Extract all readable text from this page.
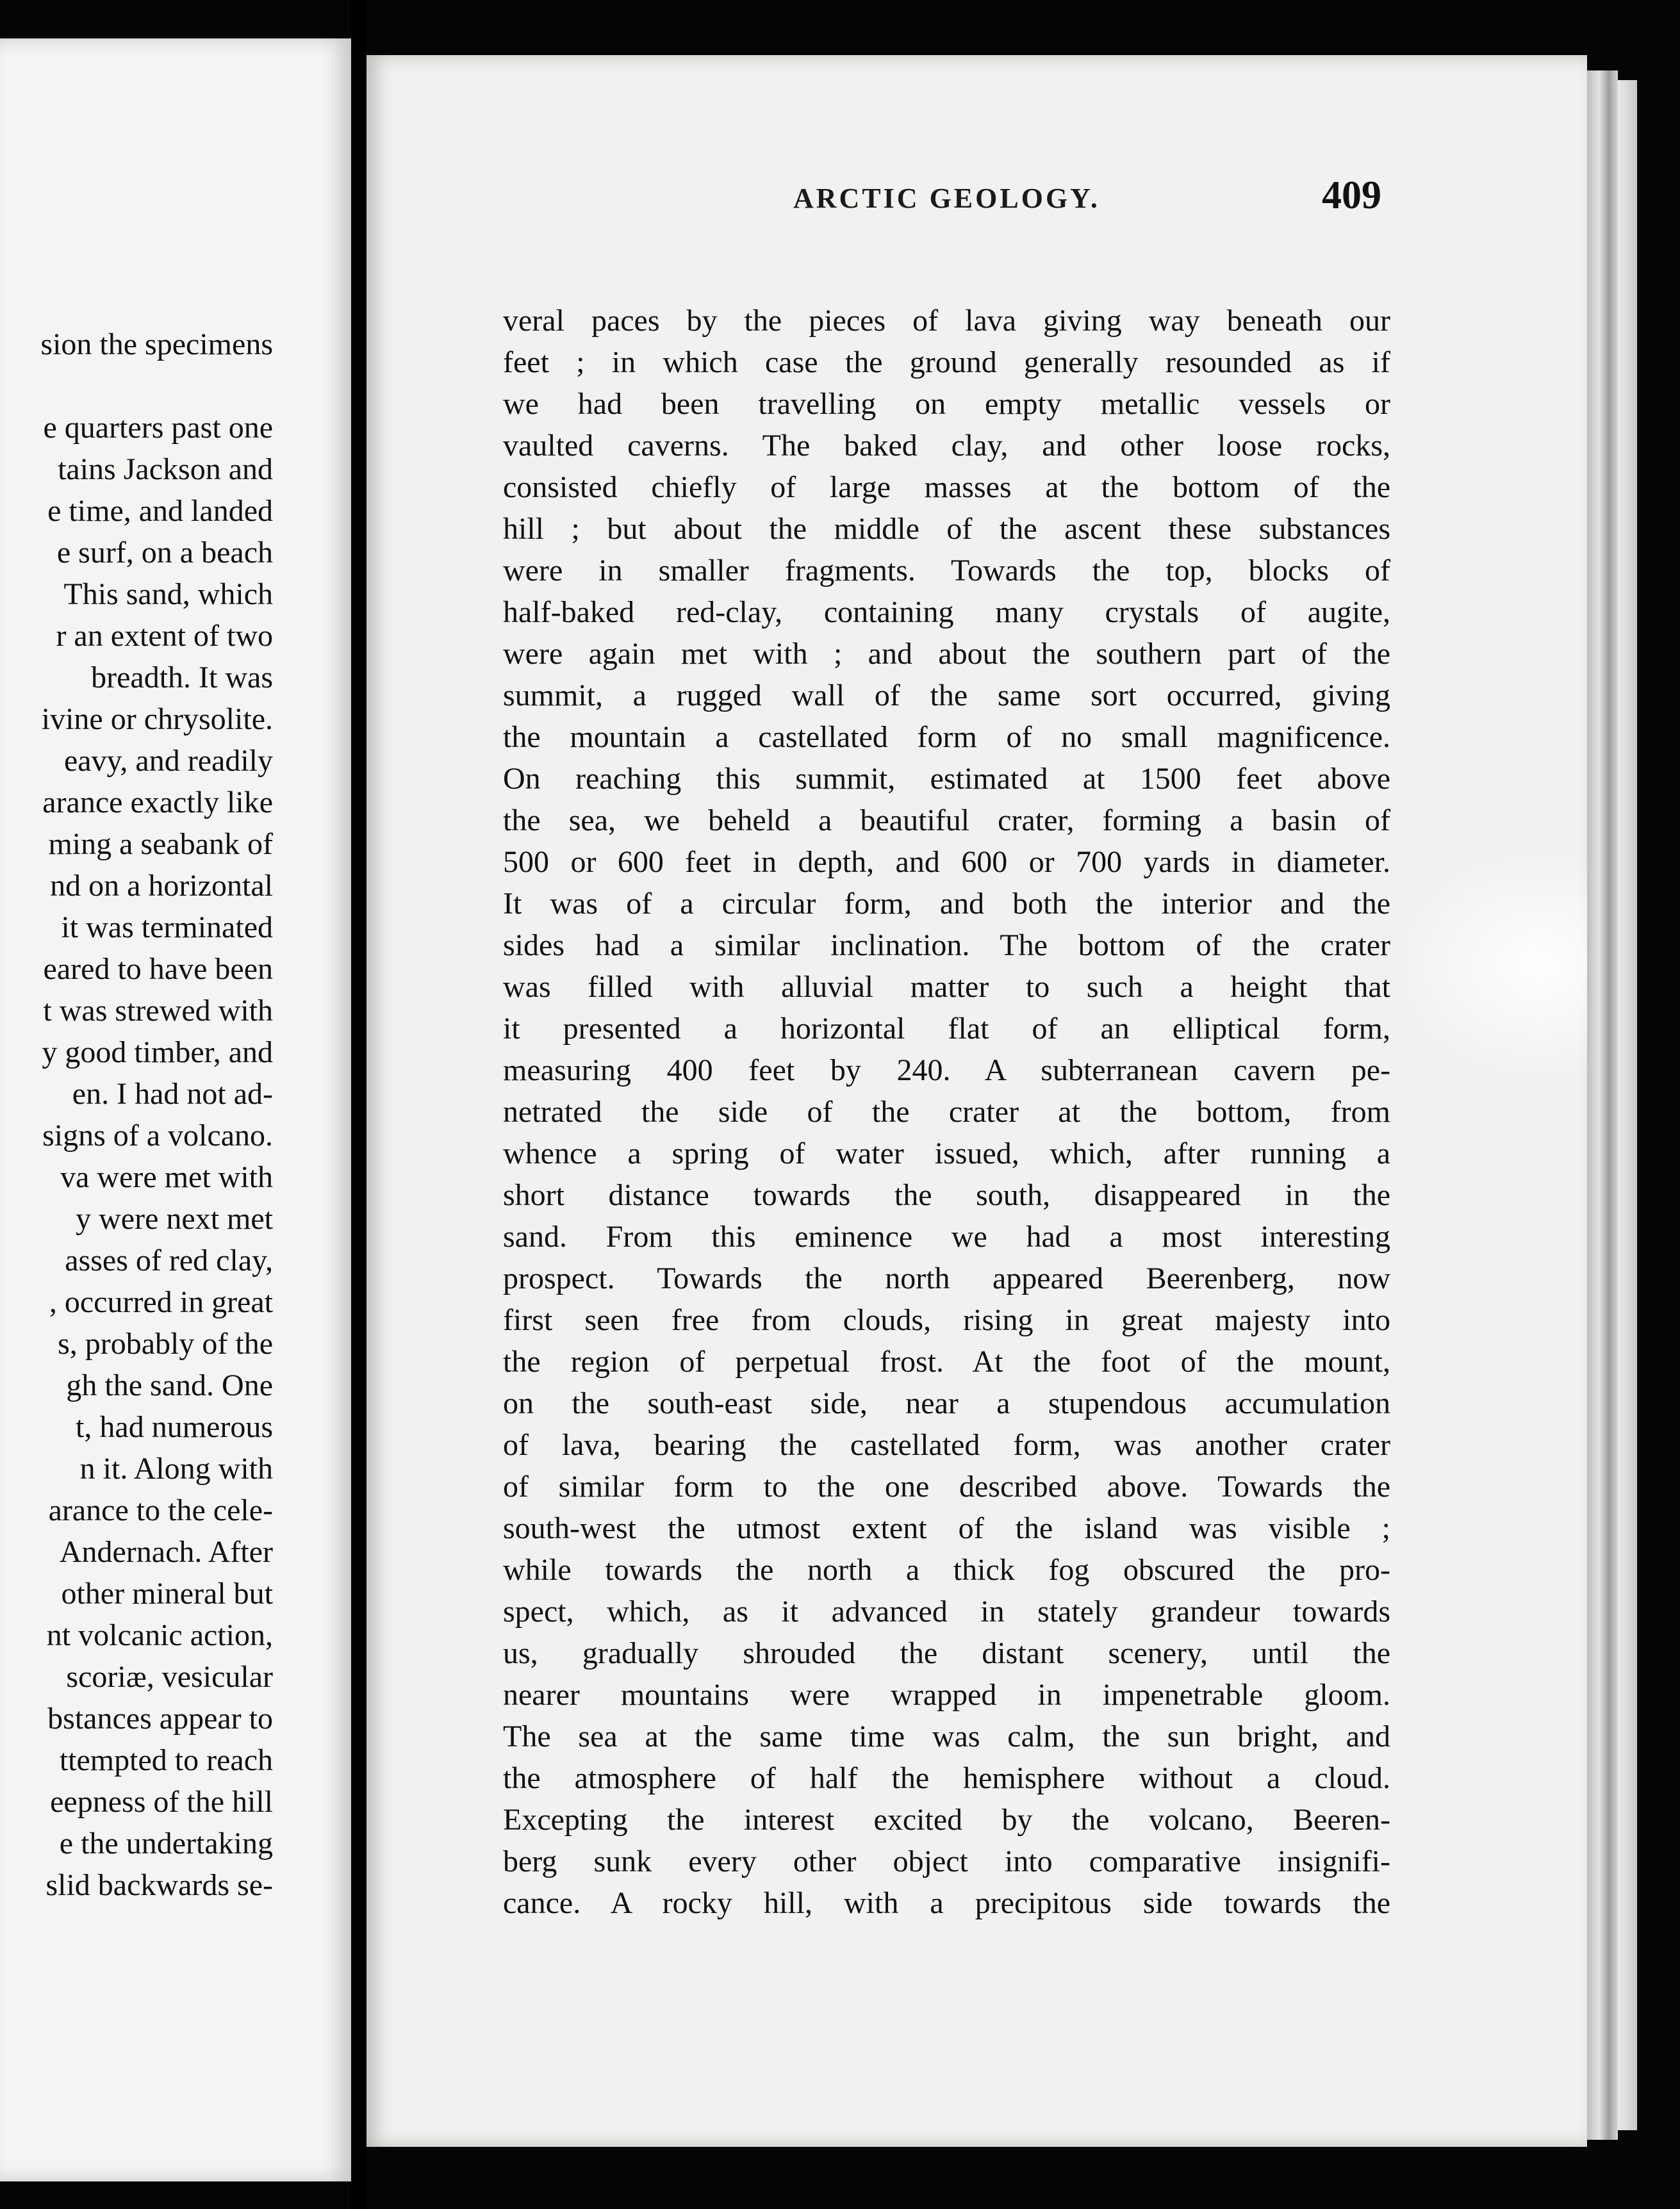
sion the specimens
e quarters past one
tains Jackson and
e time, and landed
e surf, on a beach
This sand, which
r an extent of two
breadth. It was
ivine or chrysolite.
eavy, and readily
arance exactly like
ming a seabank of
nd on a horizontal
it was terminated
eared to have been
t was strewed with
y good timber, and
en. I had not ad-
signs of a volcano.
va were met with
y were next met
asses of red clay,
, occurred in great
s, probably of the
gh the sand. One
t, had numerous
n it. Along with
arance to the cele-
Andernach. After
other mineral but
nt volcanic action,
scoriæ, vesicular
bstances appear to
ttempted to reach
eepness of the hill
e the undertaking
slid backwards se-
ARCTIC GEOLOGY.	409
veral paces by the pieces of lava giving way beneath our
feet ; in which case the ground generally resounded as if
we had been travelling on empty metallic vessels or
vaulted caverns. The baked clay, and other loose rocks,
consisted chiefly of large masses at the bottom of the
hill ; but about the middle of the ascent these substances
were in smaller fragments. Towards the top, blocks of
half-baked red-clay, containing many crystals of augite,
were again met with ; and about the southern part of the
summit, a rugged wall of the same sort occurred, giving
the mountain a castellated form of no small magnificence.
On reaching this summit, estimated at 1500 feet above
the sea, we beheld a beautiful crater, forming a basin of
500 or 600 feet in depth, and 600 or 700 yards in diameter.
It was of a circular form, and both the interior and the
sides had a similar inclination. The bottom of the crater
was filled with alluvial matter to such a height that
it presented a horizontal flat of an elliptical form,
measuring 400 feet by 240. A subterranean cavern pe-
netrated the side of the crater at the bottom, from
whence a spring of water issued, which, after running a
short distance towards the south, disappeared in the
sand. From this eminence we had a most interesting
prospect. Towards the north appeared Beerenberg, now
first seen free from clouds, rising in great majesty into
the region of perpetual frost. At the foot of the mount,
on the south-east side, near a stupendous accumulation
of lava, bearing the castellated form, was another crater
of similar form to the one described above. Towards the
south-west the utmost extent of the island was visible ;
while towards the north a thick fog obscured the pro-
spect, which, as it advanced in stately grandeur towards
us, gradually shrouded the distant scenery, until the
nearer mountains were wrapped in impenetrable gloom.
The sea at the same time was calm, the sun bright, and
the atmosphere of half the hemisphere without a cloud.
Excepting the interest excited by the volcano, Beeren-
berg sunk every other object into comparative insignifi-
cance. A rocky hill, with a precipitous side towards the
